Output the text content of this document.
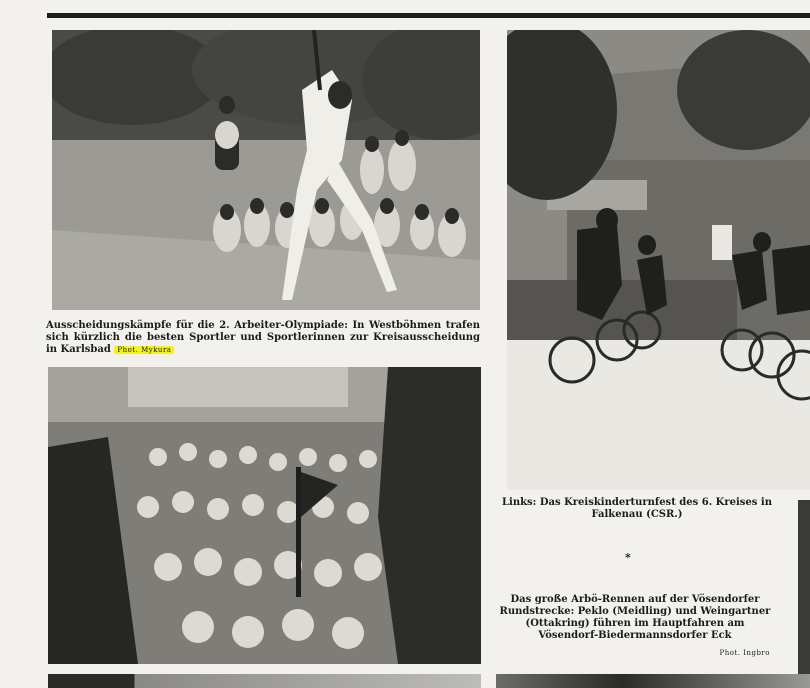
Ausscheidungskämpfe für die 2. Arbeiter-Olympiade: In Westböhmen trafen sich kürzlich die besten Sportler und Sportlerinnen zur Kreisausscheidung in Karlsbad Phot. Mykura
Links: Das Kreiskinderturnfest des 6. Kreises in Falkenau (CSR.)
*
Das große Arbö-Rennen auf der Vösendorfer Rundstrecke: Peklo (Meidling) und Weingartner (Ottakring) führen im Hauptfahren am Vösendorf-Biedermannsdorfer Eck
Phot. Ingbro
